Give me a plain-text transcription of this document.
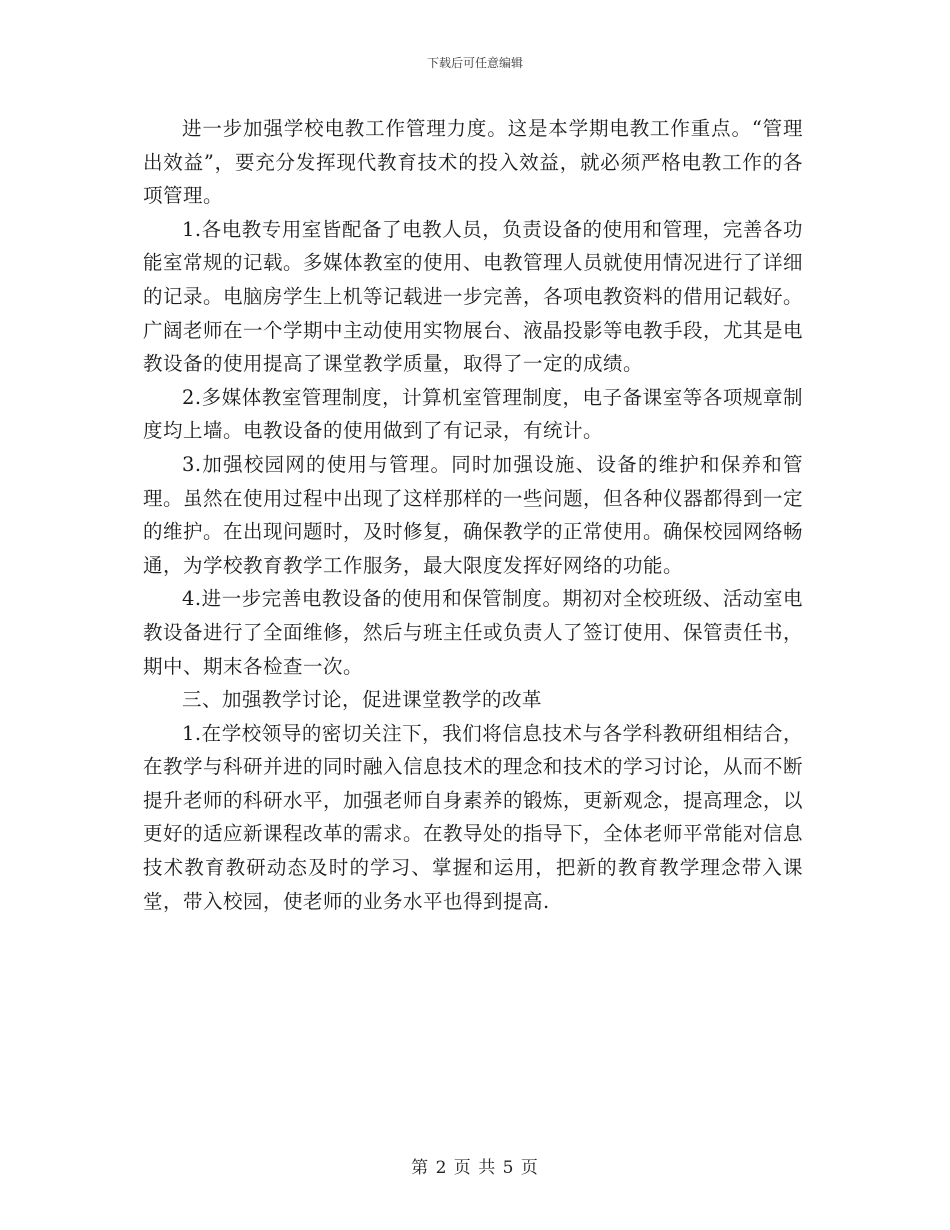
下载后可任意编辑

进一步加强学校电教工作管理力度。这是本学期电教工作重点。“管理出效益”，要充分发挥现代教育技术的投入效益，就必须严格电教工作的各项管理。

1.各电教专用室皆配备了电教人员，负责设备的使用和管理，完善各功能室常规的记载。多媒体教室的使用、电教管理人员就使用情况进行了详细的记录。电脑房学生上机等记载进一步完善，各项电教资料的借用记载好。广阔老师在一个学期中主动使用实物展台、液晶投影等电教手段，尤其是电教设备的使用提高了课堂教学质量，取得了一定的成绩。

2.多媒体教室管理制度，计算机室管理制度，电子备课室等各项规章制度均上墙。电教设备的使用做到了有记录，有统计。

3.加强校园网的使用与管理。同时加强设施、设备的维护和保养和管理。虽然在使用过程中出现了这样那样的一些问题，但各种仪器都得到一定的维护。在出现问题时，及时修复，确保教学的正常使用。确保校园网络畅通，为学校教育教学工作服务，最大限度发挥好网络的功能。

4.进一步完善电教设备的使用和保管制度。期初对全校班级、活动室电教设备进行了全面维修，然后与班主任或负责人了签订使用、保管责任书，期中、期末各检查一次。

三、加强教学讨论，促进课堂教学的改革

1.在学校领导的密切关注下，我们将信息技术与各学科教研组相结合，在教学与科研并进的同时融入信息技术的理念和技术的学习讨论，从而不断提升老师的科研水平，加强老师自身素养的锻炼，更新观念，提高理念，以更好的适应新课程改革的需求。在教导处的指导下，全体老师平常能对信息技术教育教研动态及时的学习、掌握和运用，把新的教育教学理念带入课堂，带入校园，使老师的业务水平也得到提高.

第 2 页 共 5 页
